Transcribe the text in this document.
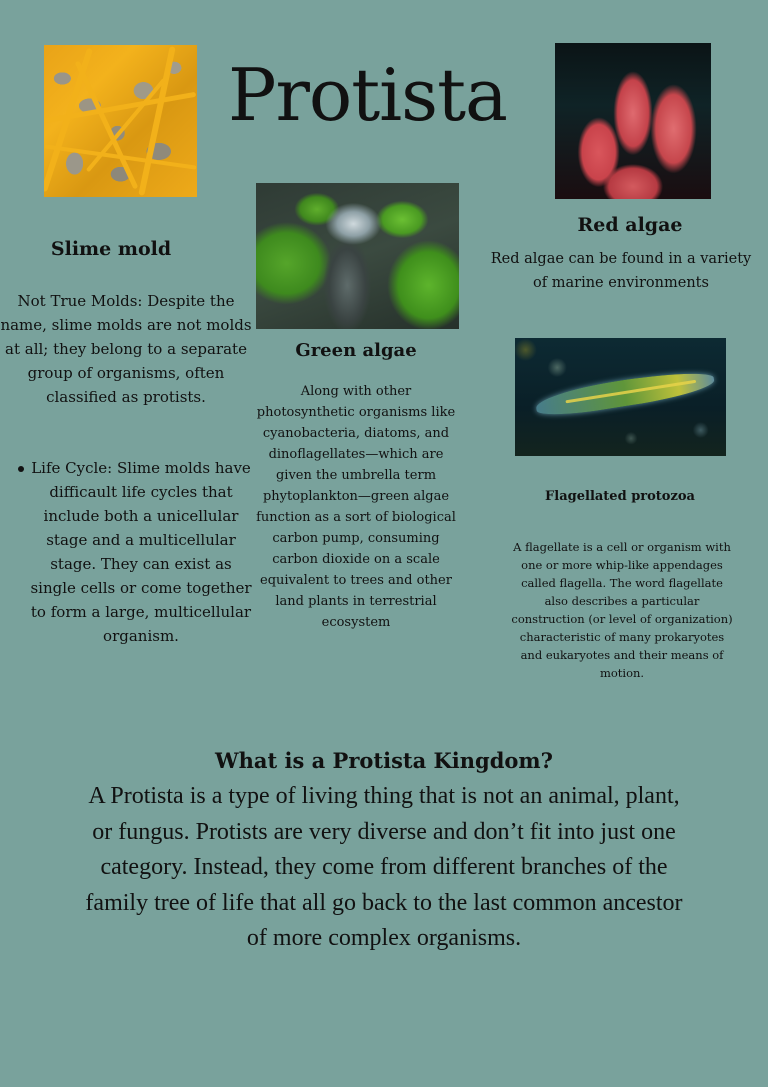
Protista
Slime mold

Not True Molds: Despite the name, slime molds are not molds at all; they belong to a separate group of organisms, often classified as protists.

Life Cycle: Slime molds have difficault life cycles that include both a unicellular stage and a multicellular stage. They can exist as single cells or come together to form a large, multicellular organism.

Green algae

Along with other photosynthetic organisms like cyanobacteria, diatoms, and dinoflagellates—which are given the umbrella term phytoplankton—green algae function as a sort of biological carbon pump, consuming carbon dioxide on a scale equivalent to trees and other land plants in terrestrial ecosystem

Red algae

Red algae can be found in a variety of marine environments

Flagellated protozoa

A flagellate is a cell or organism with one or more whip-like appendages called flagella. The word flagellate also describes a particular construction (or level of organization) characteristic of many prokaryotes and eukaryotes and their means of motion.

What is a Protista Kingdom?

A Protista is a type of living thing that is not an animal, plant, or fungus. Protists are very diverse and don’t fit into just one category. Instead, they come from different branches of the family tree of life that all go back to the last common ancestor of more complex organisms.
